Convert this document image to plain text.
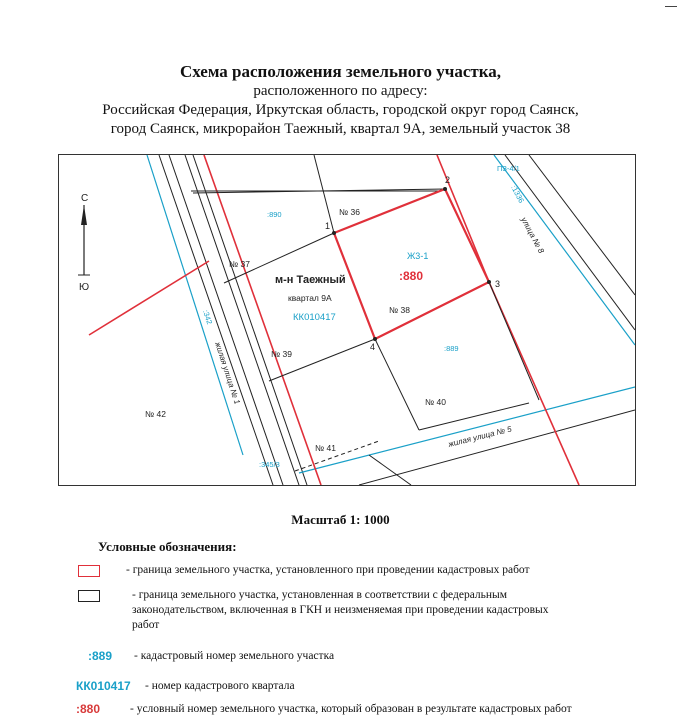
Схема расположения земельного участка,
расположенного по адресу:
Российская Федерация, Иркутская область, городской округ город Саянск,
город Саянск, микрорайон Таежный, квартал 9А, земельный участок 38
1
2
3
4
С
Ю
№ 36
№ 37
№ 38
№ 39
№ 40
№ 41
№ 42
м-н Таежный
квартал 9А
КК010417
Ж3-1
:880
:890
:889
:345/3
:342
:1336
жилая улица № 1
жилая улица № 5
улица № 8
ПЗ-4/1
Масштаб 1: 1000
Условные обозначения:
- граница земельного участка, установленного при проведении кадастровых работ
- граница земельного участка, установленная в соответствии с федеральным законодательством, включенная в ГКН и неизменяемая при проведении кадастровых работ
:889 - кадастровый номер земельного участка
КК010417 - номер кадастрового квартала
:880	- условный номер земельного участка, который образован в результате кадастровых работ
